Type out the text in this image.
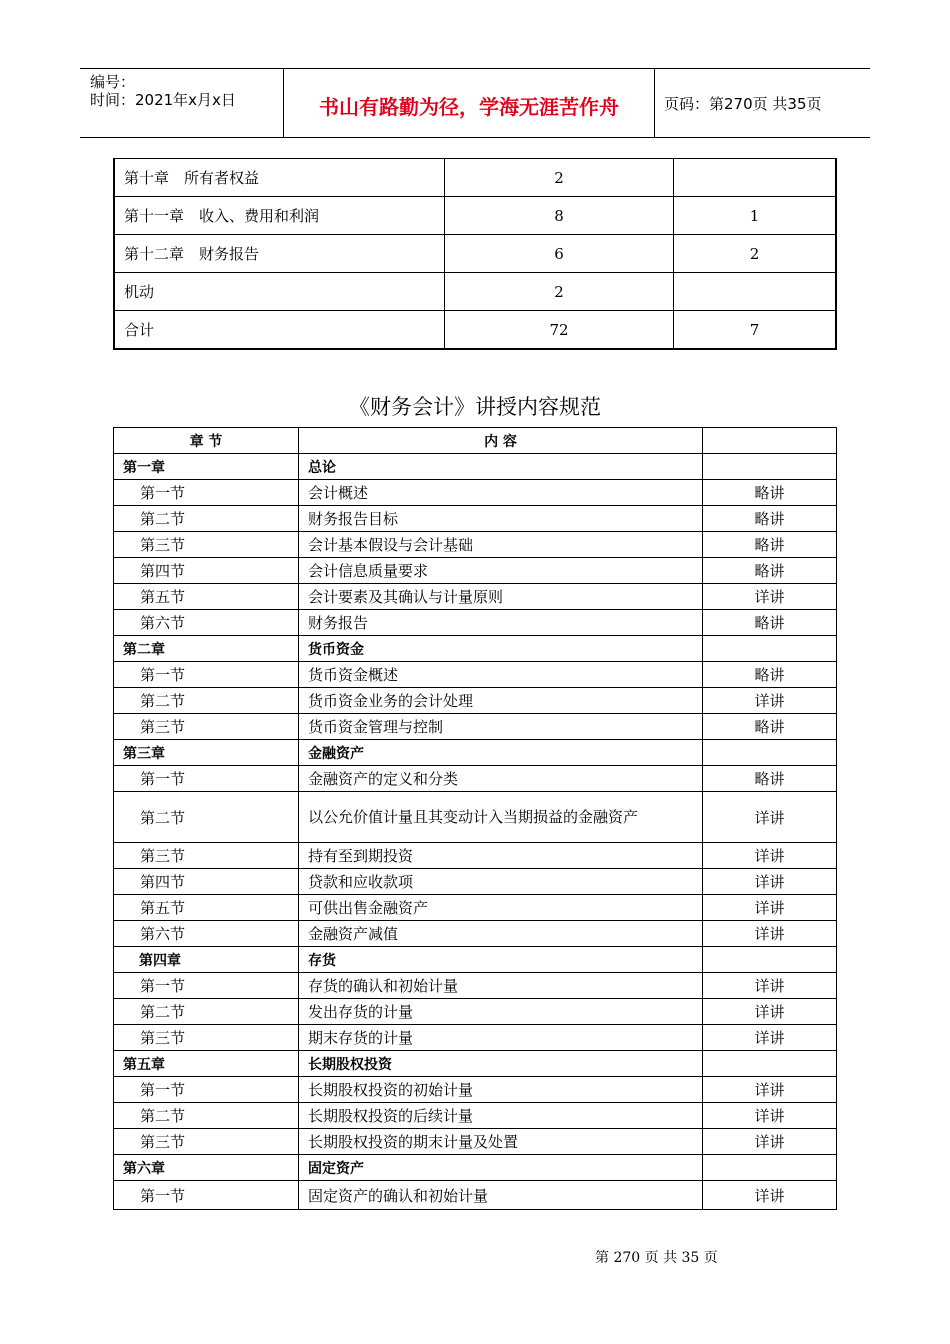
编号：
时间：2021年x月x日	书山有路勤为径，学海无涯苦作舟	页码：第270页 共35页
第十章　所有者权益	2	
第十一章　收入、费用和利润	8	1
第十二章　财务报告	6	2
机动	2	
合计	72	7
《财务会计》讲授内容规范
章 节	内 容	
第一章	总论	
第一节	会计概述	略讲
第二节	财务报告目标	略讲
第三节	会计基本假设与会计基础	略讲
第四节	会计信息质量要求	略讲
第五节	会计要素及其确认与计量原则	详讲
第六节	财务报告	略讲
第二章	货币资金	
第一节	货币资金概述	略讲
第二节	货币资金业务的会计处理	详讲
第三节	货币资金管理与控制	略讲
第三章	金融资产	
第一节	金融资产的定义和分类	略讲
第二节	以公允价值计量且其变动计入当期损益的金融资产	详讲
第三节	持有至到期投资	详讲
第四节	贷款和应收款项	详讲
第五节	可供出售金融资产	详讲
第六节	金融资产减值	详讲
第四章	存货	
第一节	存货的确认和初始计量	详讲
第二节	发出存货的计量	详讲
第三节	期末存货的计量	详讲
第五章	长期股权投资	
第一节	长期股权投资的初始计量	详讲
第二节	长期股权投资的后续计量	详讲
第三节	长期股权投资的期末计量及处置	详讲
第六章	固定资产	
第一节	固定资产的确认和初始计量	详讲
第 270 页 共 35 页
